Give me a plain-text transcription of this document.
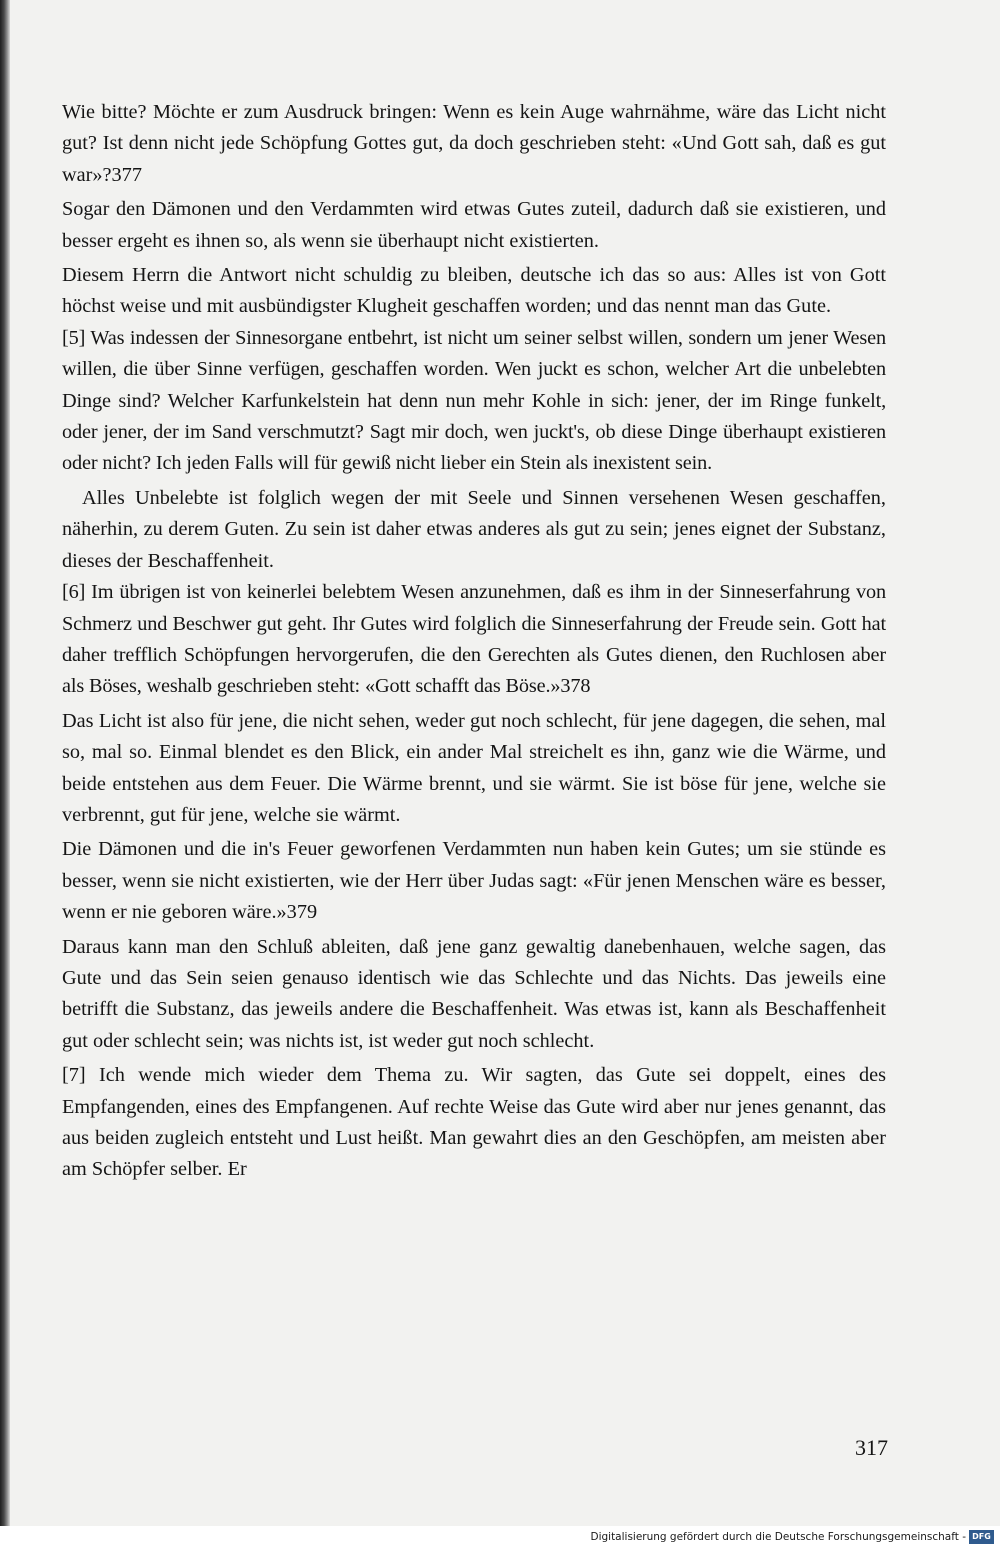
Wie bitte? Möchte er zum Ausdruck bringen: Wenn es kein Auge wahrnähme, wäre das Licht nicht gut? Ist denn nicht jede Schöpfung Gottes gut, da doch geschrieben steht: «Und Gott sah, daß es gut war»?377

Sogar den Dämonen und den Verdammten wird etwas Gutes zuteil, dadurch daß sie existieren, und besser ergeht es ihnen so, als wenn sie überhaupt nicht existierten.

Diesem Herrn die Antwort nicht schuldig zu bleiben, deutsche ich das so aus: Alles ist von Gott höchst weise und mit ausbündigster Klugheit geschaffen worden; und das nennt man das Gute.

[5] Was indessen der Sinnesorgane entbehrt, ist nicht um seiner selbst willen, sondern um jener Wesen willen, die über Sinne verfügen, geschaffen worden. Wen juckt es schon, welcher Art die unbelebten Dinge sind? Welcher Karfunkelstein hat denn nun mehr Kohle in sich: jener, der im Ringe funkelt, oder jener, der im Sand verschmutzt? Sagt mir doch, wen juckt's, ob diese Dinge überhaupt existieren oder nicht? Ich jeden Falls will für gewiß nicht lieber ein Stein als inexistent sein.

Alles Unbelebte ist folglich wegen der mit Seele und Sinnen versehenen Wesen geschaffen, näherhin, zu derem Guten. Zu sein ist daher etwas anderes als gut zu sein; jenes eignet der Substanz, dieses der Beschaffenheit.

[6] Im übrigen ist von keinerlei belebtem Wesen anzunehmen, daß es ihm in der Sinneserfahrung von Schmerz und Beschwer gut geht. Ihr Gutes wird folglich die Sinneserfahrung der Freude sein. Gott hat daher trefflich Schöpfungen hervorgerufen, die den Gerechten als Gutes dienen, den Ruchlosen aber als Böses, weshalb geschrieben steht: «Gott schafft das Böse.»378

Das Licht ist also für jene, die nicht sehen, weder gut noch schlecht, für jene dagegen, die sehen, mal so, mal so. Einmal blendet es den Blick, ein ander Mal streichelt es ihn, ganz wie die Wärme, und beide entstehen aus dem Feuer. Die Wärme brennt, und sie wärmt. Sie ist böse für jene, welche sie verbrennt, gut für jene, welche sie wärmt.

Die Dämonen und die in's Feuer geworfenen Verdammten nun haben kein Gutes; um sie stünde es besser, wenn sie nicht existierten, wie der Herr über Judas sagt: «Für jenen Menschen wäre es besser, wenn er nie geboren wäre.»379

Daraus kann man den Schluß ableiten, daß jene ganz gewaltig danebenhauen, welche sagen, das Gute und das Sein seien genauso identisch wie das Schlechte und das Nichts. Das jeweils eine betrifft die Substanz, das jeweils andere die Beschaffenheit. Was etwas ist, kann als Beschaffenheit gut oder schlecht sein; was nichts ist, ist weder gut noch schlecht.

[7] Ich wende mich wieder dem Thema zu. Wir sagten, das Gute sei doppelt, eines des Empfangenden, eines des Empfangenen. Auf rechte Weise das Gute wird aber nur jenes genannt, das aus beiden zugleich entsteht und Lust heißt. Man gewahrt dies an den Geschöpfen, am meisten aber am Schöpfer selber. Er

317
Digitalisierung gefördert durch die Deutsche Forschungsgemeinschaft - DFG
